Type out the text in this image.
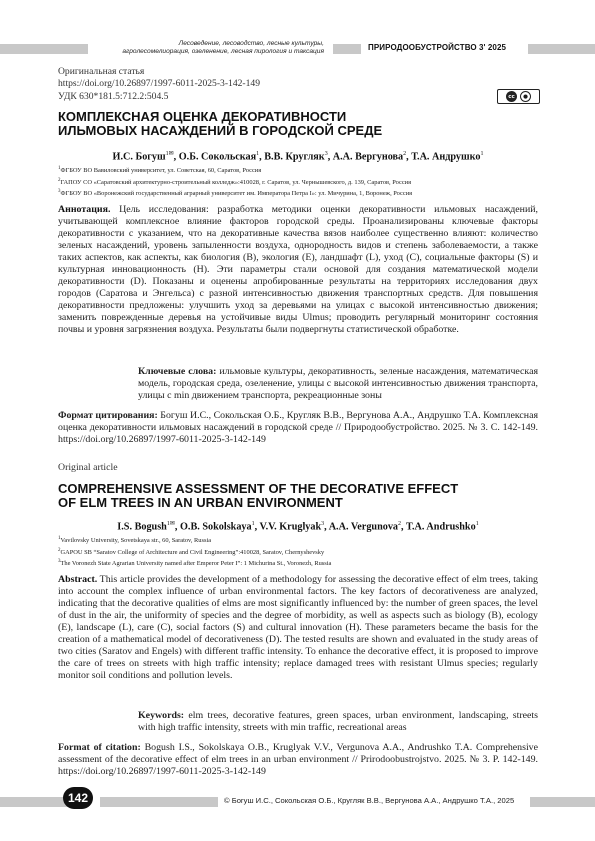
Лесоведение, лесоводство, лесные культуры,
агролесомелиорация, озеленение, лесная пирология и таксация	ПРИРОДООБУСТРОЙСТВО 3' 2025
Оригинальная статья
https://doi.org/10.26897/1997-6011-2025-3-142-149
УДК 630*181.5:712.2:504.5	cc	●
КОМПЛЕКСНАЯ ОЦЕНКА ДЕКОРАТИВНОСТИ
ИЛЬМОВЫХ НАСАЖДЕНИЙ В ГОРОДСКОЙ СРЕДЕ
И.С. Богуш$^{1✉}$, О.Б. Сокольская$^1$, В.В. Кругляк$^3$, А.А. Вергунова$^2$, Т.А. Андрушко$^1$
$^1$ФГБОУ ВО Вавиловский университет, ул. Советская, 60, Саратов, Россия
$^2$ГАПОУ СО «Саратовский архитектурно-строительный колледж»:410028, г. Саратов, ул. Чернышевского, д. 139, Саратов, Россия
$^3$ФГБОУ ВО «Воронежский государственный аграрный университет им. Императора Петра I»: ул. Мичурина, 1, Воронеж, Россия
Аннотация. Цель исследования: разработка методики оценки декоративности ильмовых насаждений, учитывающей комплексное влияние факторов городской среды. Проанализированы ключевые факторы декоративности с указанием, что на декоративные качества вязов наиболее существенно влияют: количество зеленых насаждений, уровень запыленности воздуха, однородность видов и степень заболеваемости, а также таких аспектов, как аспекты, как биология (B), экология (E), ландшафт (L), уход (C), социальные факторы (S) и культурная инновационность (H). Эти параметры стали основой для создания математической модели декоративности (D). Показаны и оценены апробированные результаты на территориях исследования двух городов (Саратова и Энгельса) с разной интенсивностью движения транспортных средств. Для повышения декоративности предложены: улучшить уход за деревьями на улицах с высокой интенсивностью движения; заменить поврежденные деревья на устойчивые виды Ulmus; проводить регулярный мониторинг состояния почвы и уровня загрязнения воздуха. Результаты были подвергнуты статистической обработке.
Ключевые слова: ильмовые культуры, декоративность, зеленые насаждения, математическая модель, городская среда, озеленение, улицы с высокой интенсивностью движения транспорта, улицы с min движением транспорта, рекреационные зоны
Формат цитирования: Богуш И.С., Сокольская О.Б., Кругляк В.В., Вергунова А.А., Андрушко Т.А. Комплексная оценка декоративности ильмовых насаждений в городской среде // Природообустройство. 2025. № 3. С. 142-149. https://doi.org/10.26897/1997-6011-2025-3-142-149
Original article
COMPREHENSIVE ASSESSMENT OF THE DECORATIVE EFFECT
OF ELM TREES IN AN URBAN ENVIRONMENT
I.S. Bogush$^{1✉}$, O.B. Sokolskaya$^1$, V.V. Kruglyak$^3$, A.A. Vergunova$^2$, T.A. Andrushko$^1$
$^1$Vavilovsky University, Sovetskaya str., 60, Saratov, Russia
$^2$GAPOU SB “Saratov College of Architecture and Civil Engineering”:410028, Saratov, Chernyshevsky
$^3$The Voronezh State Agrarian University named after Emperor Peter I”: 1 Michurina St., Voronezh, Russia
Abstract. This article provides the development of a methodology for assessing the decorative effect of elm trees, taking into account the complex influence of urban environmental factors. The key factors of decorativeness are analyzed, indicating that the decorative qualities of elms are most significantly influenced by: the number of green spaces, the level of dust in the air, the uniformity of species and the degree of morbidity, as well as aspects such as biology (B), ecology (E), landscape (L), care (C), social factors (S) and cultural innovation (H). These parameters became the basis for the creation of a mathematical model of decorativeness (D). The tested results are shown and evaluated in the study areas of two cities (Saratov and Engels) with different traffic intensity. To enhance the decorative effect, it is proposed to improve the care of trees on streets with high traffic intensity; replace damaged trees with resistant Ulmus species; regularly monitor soil conditions and pollution levels.
Keywords: elm trees, decorative features, green spaces, urban environment, landscaping, streets with high traffic intensity, streets with min traffic, recreational areas
Format of citation: Bogush I.S., Sokolskaya O.B., Kruglyak V.V., Vergunova A.A., Andrushko T.A. Comprehensive assessment of the decorative effect of elm trees in an urban environment // Prirodoobustrojstvo. 2025. № 3. P. 142-149. https://doi.org/10.26897/1997-6011-2025-3-142-149
142	© Богуш И.С., Сокольская О.Б., Кругляк В.В., Вергунова А.А., Андрушко Т.А., 2025
